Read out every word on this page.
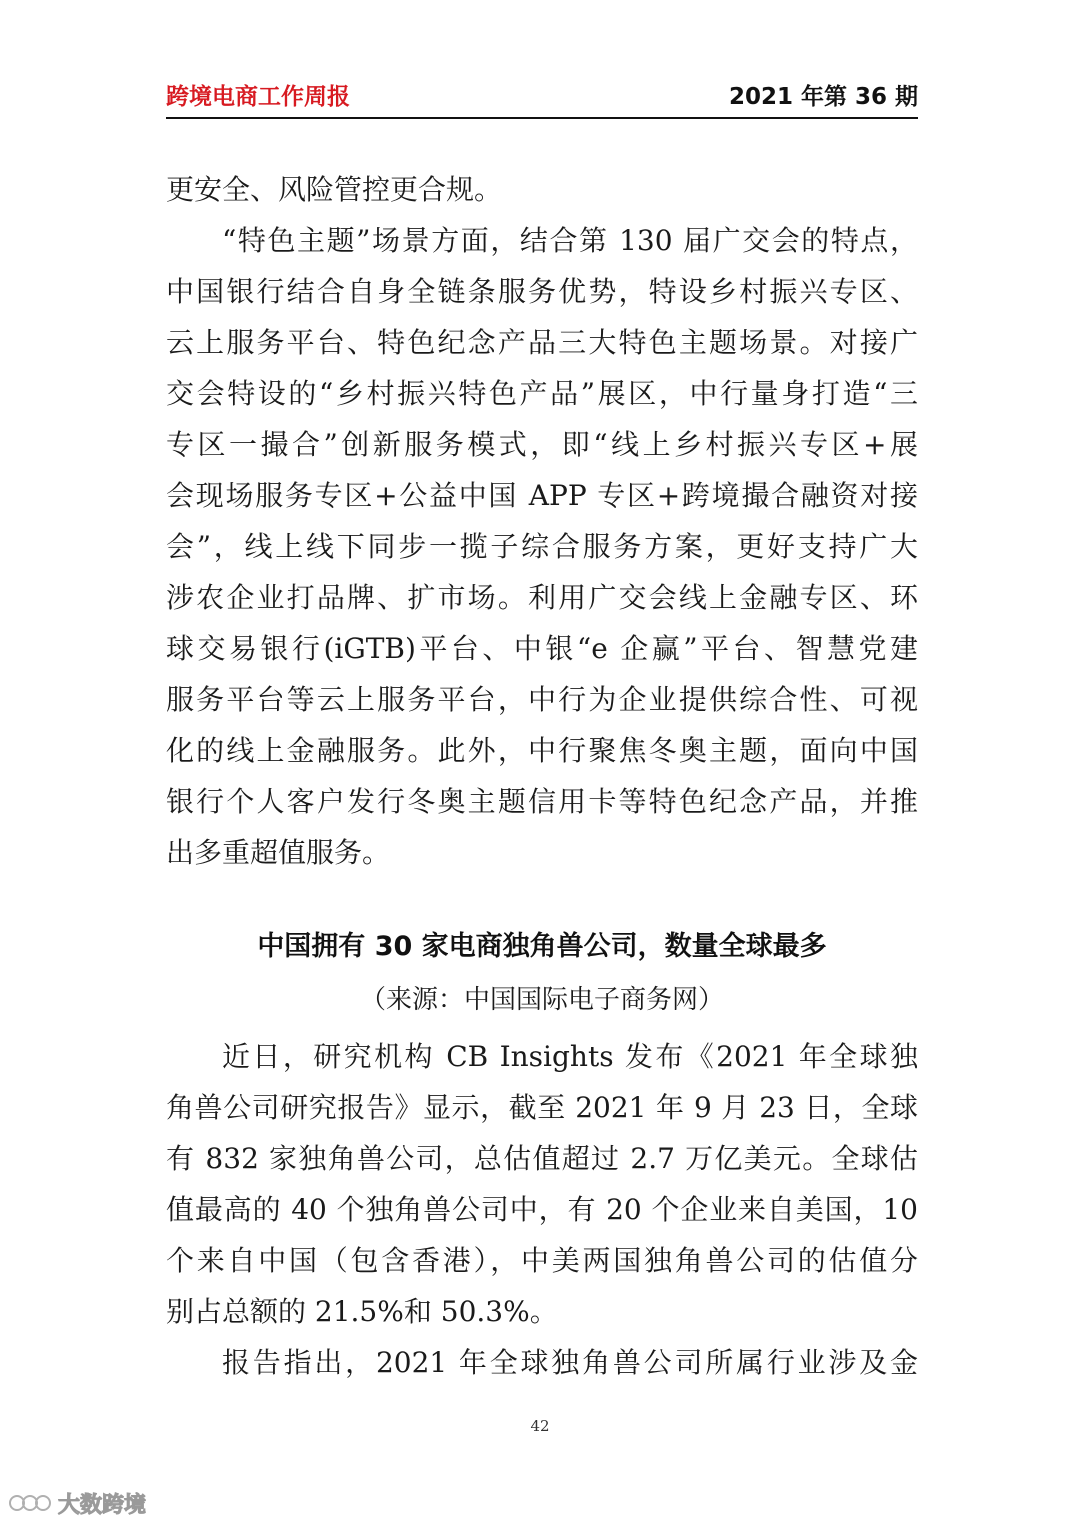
跨境电商工作周报	2021 年第 36 期
更安全、风险管控更合规。
“特色主题”场景方面，结合第 130 届广交会的特点，
中国银行结合自身全链条服务优势，特设乡村振兴专区、
云上服务平台、特色纪念产品三大特色主题场景。对接广
交会特设的“乡村振兴特色产品”展区，中行量身打造“三
专区一撮合”创新服务模式，即“线上乡村振兴专区+展
会现场服务专区+公益中国 APP 专区+跨境撮合融资对接
会”，线上线下同步一揽子综合服务方案，更好支持广大
涉农企业打品牌、扩市场。利用广交会线上金融专区、环
球交易银行(iGTB)平台、中银“e 企赢”平台、智慧党建
服务平台等云上服务平台，中行为企业提供综合性、可视
化的线上金融服务。此外，中行聚焦冬奥主题，面向中国
银行个人客户发行冬奥主题信用卡等特色纪念产品，并推
出多重超值服务。
中国拥有 30 家电商独角兽公司，数量全球最多
（来源：中国国际电子商务网）
近日，研究机构 CB Insights 发布《2021 年全球独
角兽公司研究报告》显示，截至 2021 年 9 月 23 日，全球
有 832 家独角兽公司，总估值超过 2.7 万亿美元。全球估
值最高的 40 个独角兽公司中，有 20 个企业来自美国，10
个来自中国（包含香港），中美两国独角兽公司的估值分
别占总额的 21.5%和 50.3%。
报告指出，2021 年全球独角兽公司所属行业涉及金
42
大数跨境
